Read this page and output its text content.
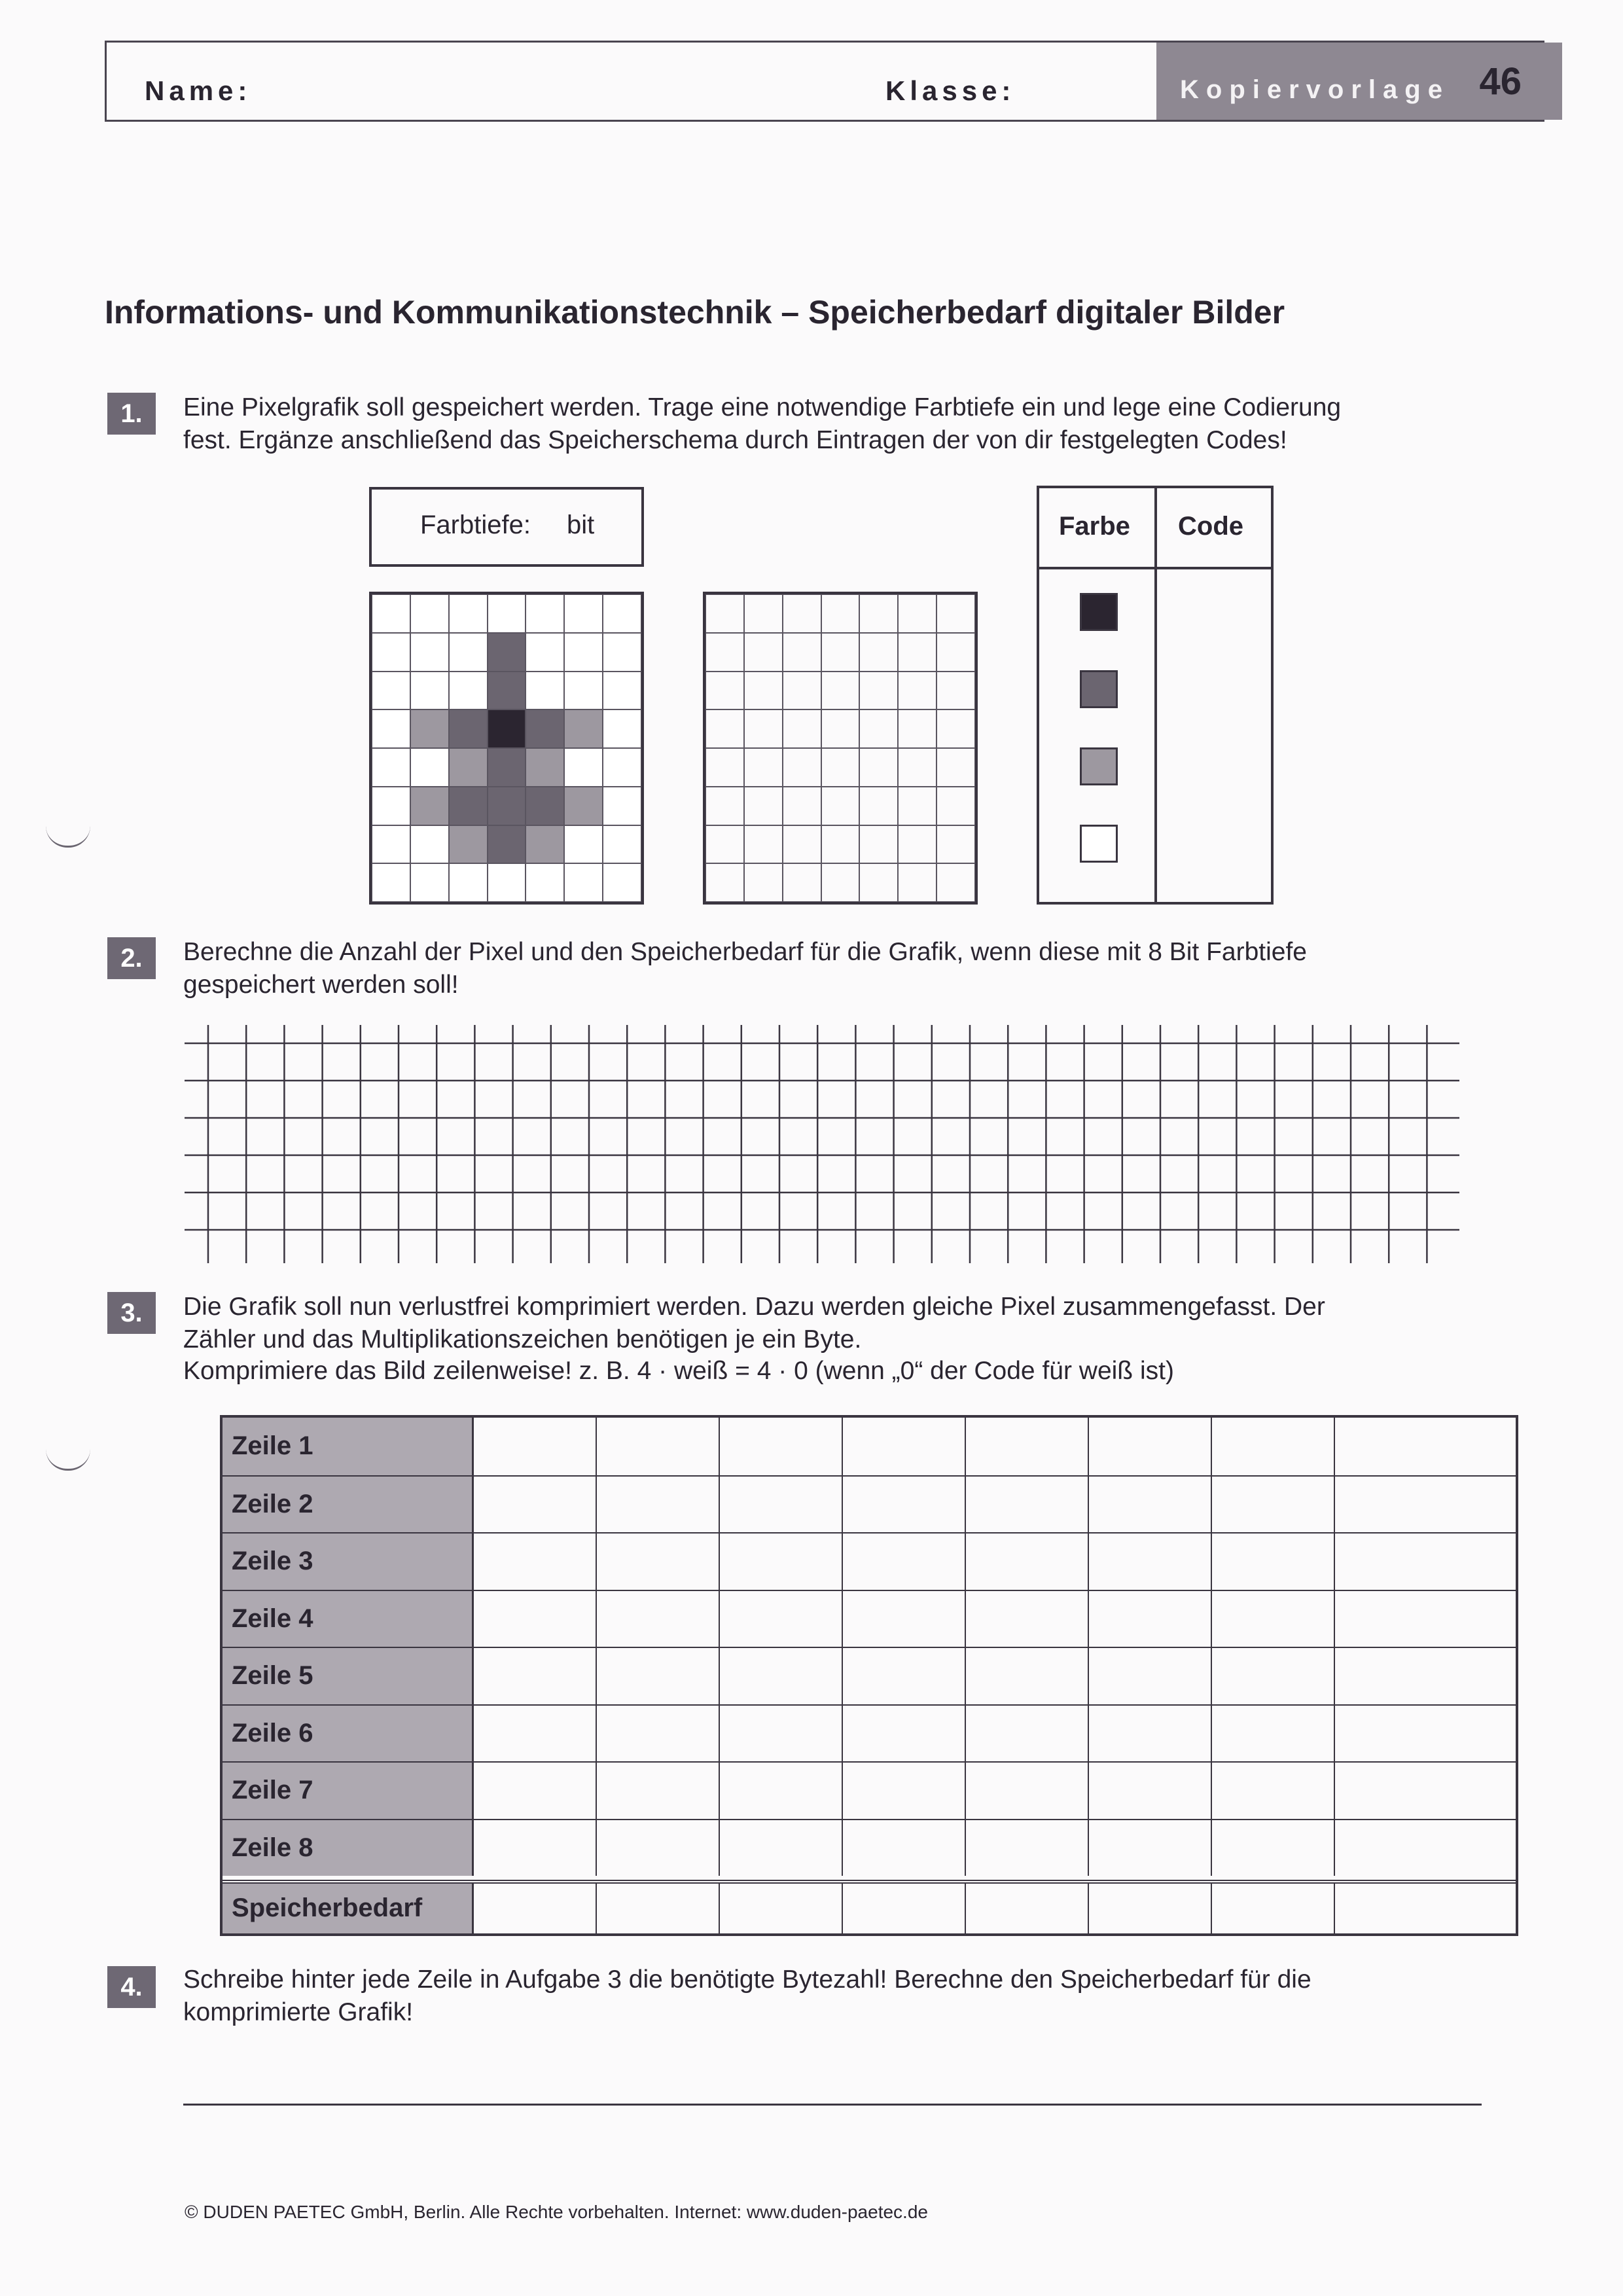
Name:	Klasse:	Kopiervorlage 46
Informations- und Kommunikationstechnik – Speicherbedarf digitaler Bilder
1.	Eine Pixelgrafik soll gespeichert werden. Trage eine notwendige Farbtiefe ein und lege eine Codierung
fest. Ergänze anschließend das Speicherschema durch Eintragen der von dir festgelegten Codes!
Farbtiefe: bit	Farbe Code
2.	Berechne die Anzahl der Pixel und den Speicherbedarf für die Grafik, wenn diese mit 8 Bit Farbtiefe
gespeichert werden soll!
3.	Die Grafik soll nun verlustfrei komprimiert werden. Dazu werden gleiche Pixel zusammengefasst. Der
Zähler und das Multiplikationszeichen benötigen je ein Byte.
Komprimiere das Bild zeilenweise! z. B. 4 · weiß = 4 · 0 (wenn „0“ der Code für weiß ist)
Zeile 1
Zeile 2
Zeile 3
Zeile 4
Zeile 5
Zeile 6
Zeile 7
Zeile 8
Speicherbedarf
4.	Schreibe hinter jede Zeile in Aufgabe 3 die benötigte Bytezahl! Berechne den Speicherbedarf für die
komprimierte Grafik!
© DUDEN PAETEC GmbH, Berlin. Alle Rechte vorbehalten. Internet: www.duden-paetec.de
